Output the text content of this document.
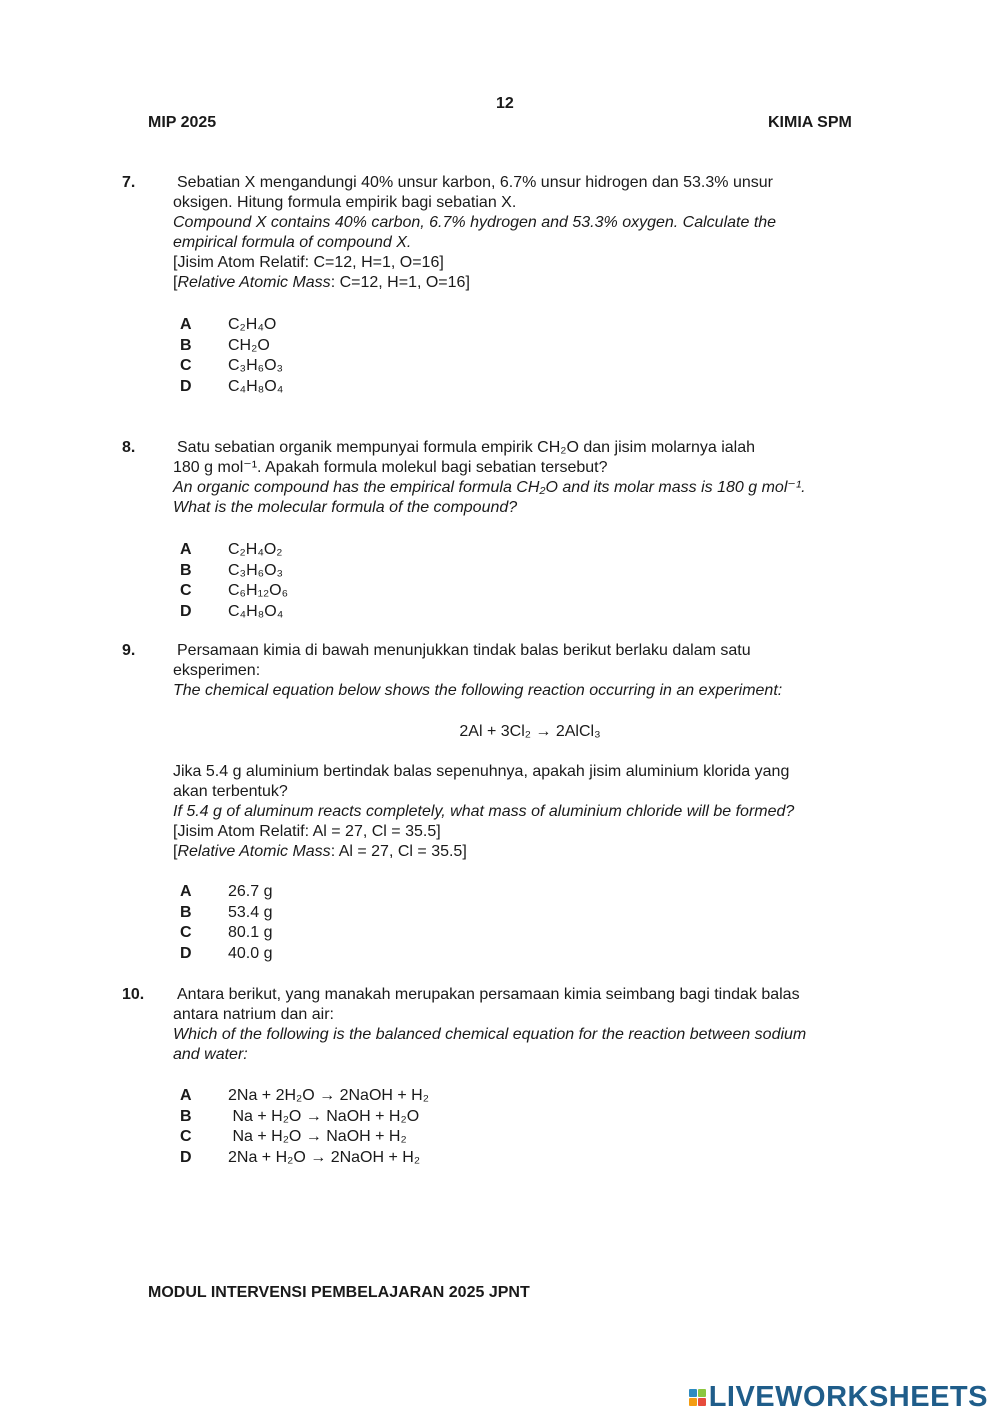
12
MIP 2025	KIMIA SPM
7.	Sebatian X mengandungi 40% unsur karbon, 6.7% unsur hidrogen dan 53.3% unsur

oksigen. Hitung formula empirik bagi sebatian X.

Compound X contains 40% carbon, 6.7% hydrogen and 53.3% oxygen. Calculate the

empirical formula of compound X.

[Jisim Atom Relatif: C=12, H=1, O=16]

[Relative Atomic Mass: C=12, H=1, O=16]

A	C₂H₄O
B	CH₂O
C	C₃H₆O₃
D	C₄H₈O₄
8.	Satu sebatian organik mempunyai formula empirik CH₂O dan jisim molarnya ialah

180 g mol⁻¹. Apakah formula molekul bagi sebatian tersebut?

An organic compound has the empirical formula CH₂O and its molar mass is 180 g mol⁻¹.

What is the molecular formula of the compound?

A	C₂H₄O₂
B	C₃H₆O₃
C	C₆H₁₂O₆
D	C₄H₈O₄
9.	Persamaan kimia di bawah menunjukkan tindak balas berikut berlaku dalam satu

eksperimen:

The chemical equation below shows the following reaction occurring in an experiment:

2Al + 3Cl₂ → 2AlCl₃

Jika 5.4 g aluminium bertindak balas sepenuhnya, apakah jisim aluminium klorida yang

akan terbentuk?

If 5.4 g of aluminum reacts completely, what mass of aluminium chloride will be formed?

[Jisim Atom Relatif: Al = 27, Cl = 35.5]

[Relative Atomic Mass: Al = 27, Cl = 35.5]

A	26.7 g
B	53.4 g
C	80.1 g
D	40.0 g
10. Antara berikut, yang manakah merupakan persamaan kimia seimbang bagi tindak balas

antara natrium dan air:

Which of the following is the balanced chemical equation for the reaction between sodium

and water:

A	2Na + 2H₂O → 2NaOH + H₂
B	Na + H₂O → NaOH + H₂O
C	Na + H₂O → NaOH + H₂
D	2Na + H₂O → 2NaOH + H₂
MODUL INTERVENSI PEMBELAJARAN 2025 JPNT
LIVEWORKSHEETS
